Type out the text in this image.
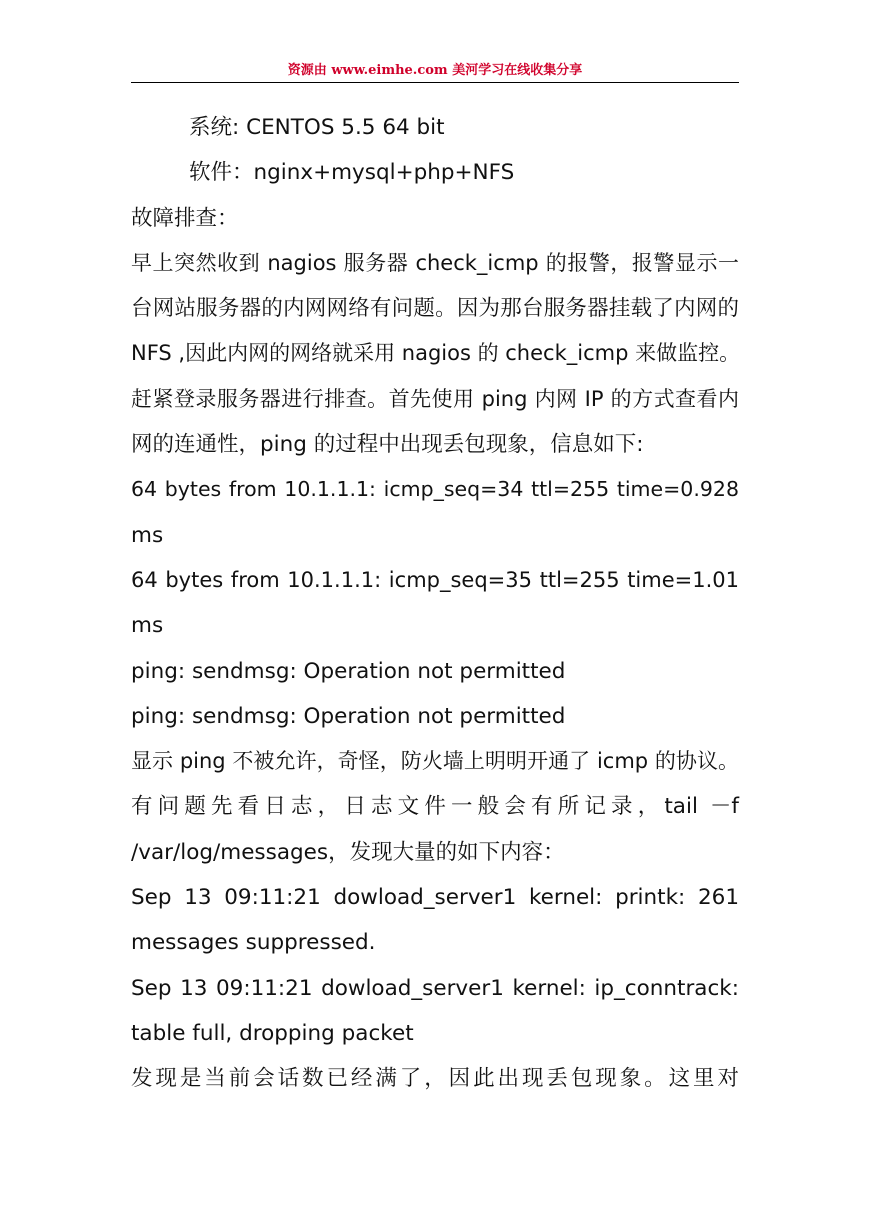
资源由 www.eimhe.com 美河学习在线收集分享
系统: CENTOS 5.5 64 bit
软件：nginx+mysql+php+NFS
故障排查：
早上突然收到 nagios 服务器 check_icmp 的报警，报警显示一
台网站服务器的内网网络有问题。因为那台服务器挂载了内网的
NFS ,因此内网的网络就采用 nagios 的 check_icmp 来做监控。
赶紧登录服务器进行排查。首先使用 ping 内网 IP 的方式查看内
网的连通性，ping 的过程中出现丢包现象，信息如下:
64 bytes from 10.1.1.1: icmp_seq=34 ttl=255 time=0.928
ms
64 bytes from 10.1.1.1: icmp_seq=35 ttl=255 time=1.01
ms
ping: sendmsg: Operation not permitted
ping: sendmsg: Operation not permitted
显示 ping 不被允许，奇怪，防火墙上明明开通了 icmp 的协议。
有问题先看日志，日志文件一般会有所记录，tail －f
/var/log/messages，发现大量的如下内容：
Sep 13 09:11:21 dowload_server1 kernel: printk: 261
messages suppressed.
Sep 13 09:11:21 dowload_server1 kernel: ip_conntrack:
table full, dropping packet
发现是当前会话数已经满了，因此出现丢包现象。这里对
